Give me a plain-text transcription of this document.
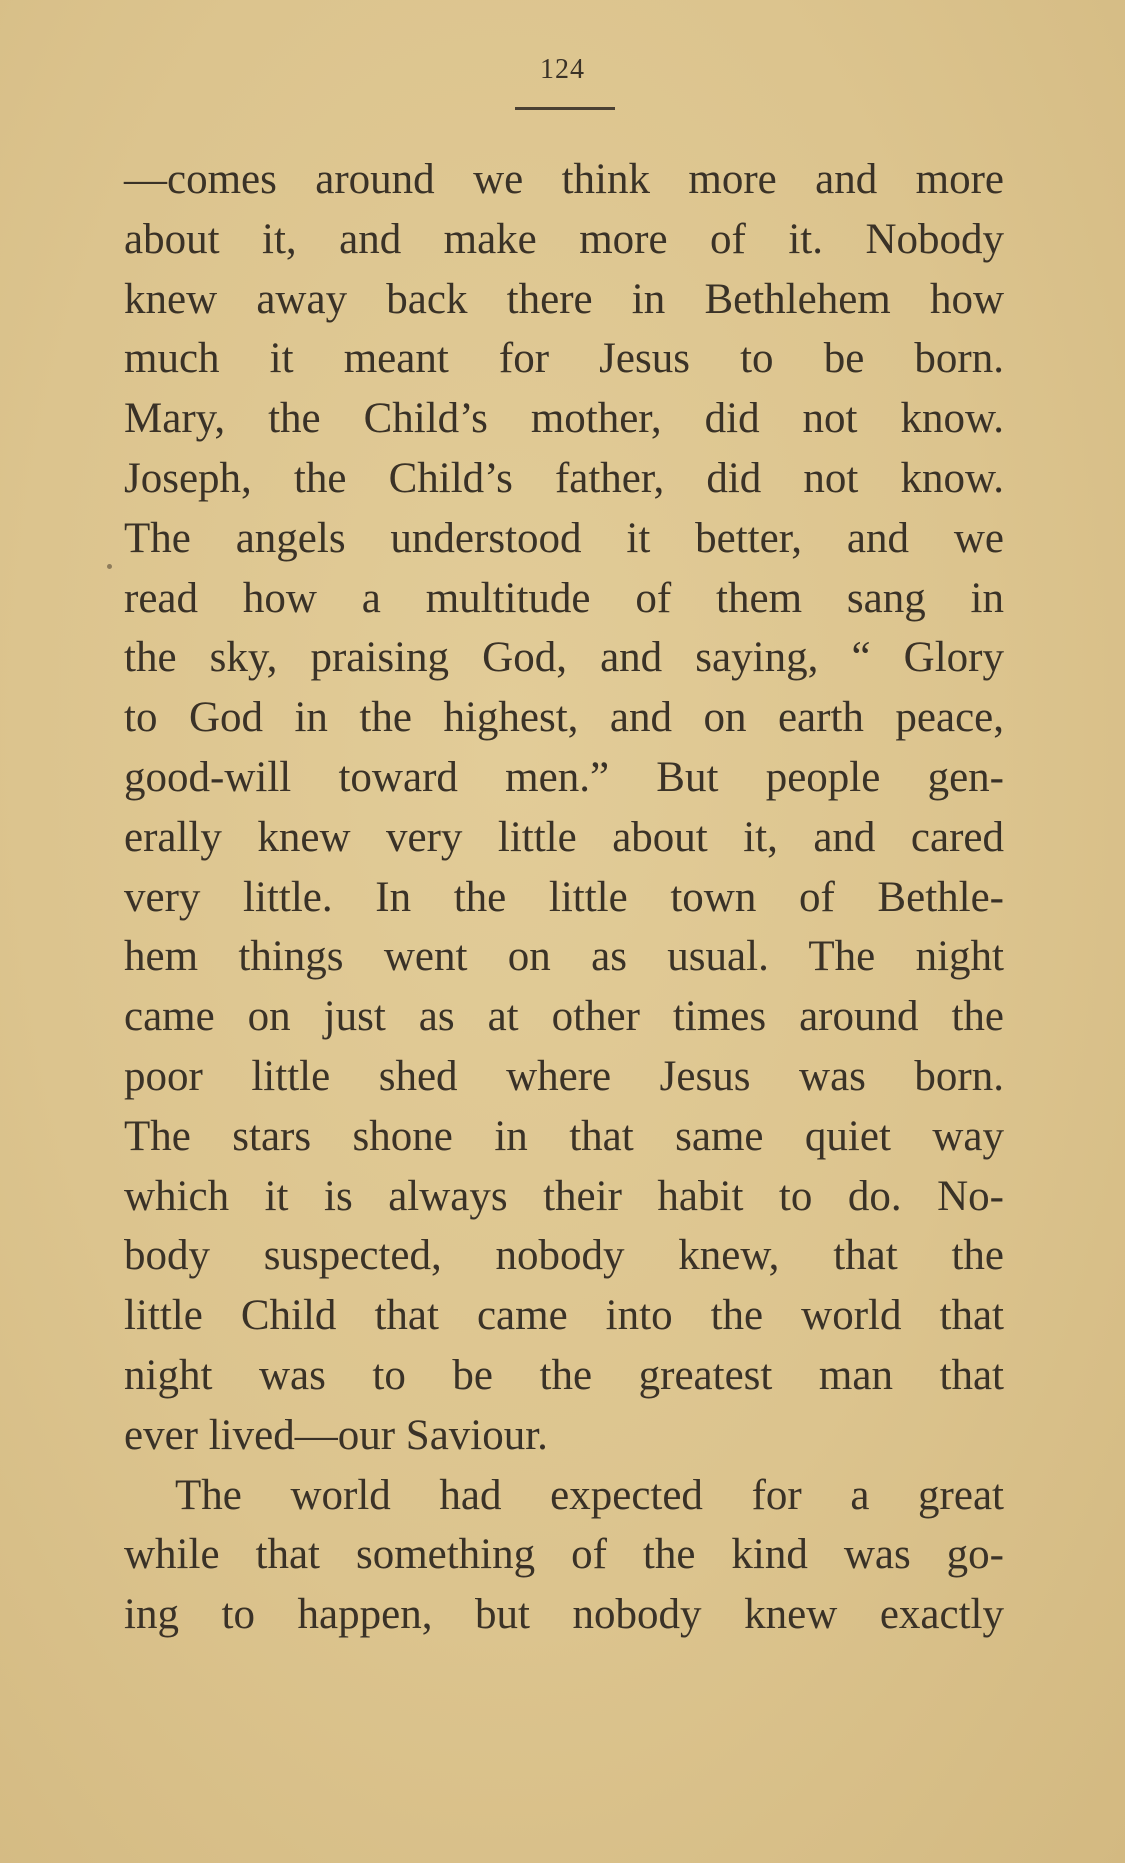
124
—comes around we think more and more
about it, and make more of it. Nobody
knew away back there in Bethlehem how
much it meant for Jesus to be born.
Mary, the Child’s mother, did not know.
Joseph, the Child’s father, did not know.
The angels understood it better, and we
read how a multitude of them sang in
the sky, praising God, and saying, “ Glory
to God in the highest, and on earth peace,
good-will toward men.” But people gen-
erally knew very little about it, and cared
very little. In the little town of Bethle-
hem things went on as usual. The night
came on just as at other times around the
poor little shed where Jesus was born.
The stars shone in that same quiet way
which it is always their habit to do. No-
body suspected, nobody knew, that the
little Child that came into the world that
night was to be the greatest man that
ever lived—our Saviour.
The world had expected for a great
while that something of the kind was go-
ing to happen, but nobody knew exactly
